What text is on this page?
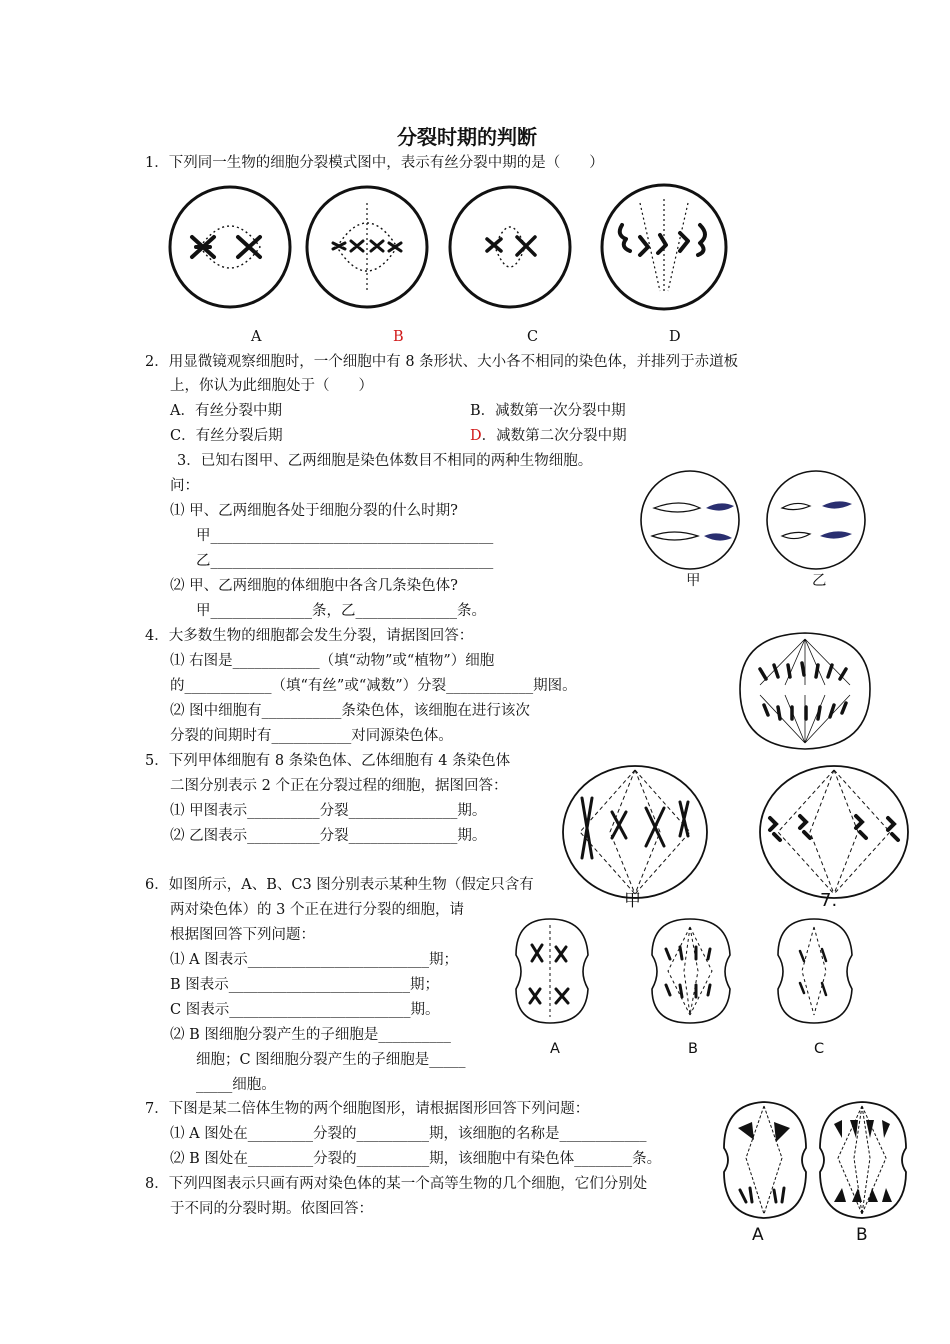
分裂时期的判断
1．下列同一生物的细胞分裂模式图中，表示有丝分裂中期的是（　　）
A	B	C	D
2．用显微镜观察细胞时，一个细胞中有 8 条形状、大小各不相同的染色体，并排列于赤道板
上，你认为此细胞处于（　　）
A．有丝分裂中期	B．减数第一次分裂中期
C．有丝分裂后期	D．减数第二次分裂中期
3．已知右图甲、乙两细胞是染色体数目不相同的两种生物细胞。
问：
⑴ 甲、乙两细胞各处于细胞分裂的什么时期?
甲_______________________________________
乙_______________________________________
⑵ 甲、乙两细胞的体细胞中各含几条染色体?
甲______________条，乙______________条。
4．大多数生物的细胞都会发生分裂，请据图回答：
⑴ 右图是____________（填“动物”或“植物”）细胞
的____________（填“有丝”或“减数”）分裂____________期图。
⑵ 图中细胞有___________条染色体，该细胞在进行该次
分裂的间期时有___________对同源染色体。
5．下列甲体细胞有 8 条染色体、乙体细胞有 4 条染色体
二图分别表示 2 个正在分裂过程的细胞，据图回答：
⑴ 甲图表示__________分裂_______________期。
⑵ 乙图表示__________分裂_______________期。
6．如图所示，A、B、C3 图分别表示某种生物（假定只含有
两对染色体）的 3 个正在进行分裂的细胞，请
根据图回答下列问题：
⑴ A 图表示_________________________期；
B 图表示_________________________期；
C 图表示_________________________期。
⑵ B 图细胞分裂产生的子细胞是__________
细胞；C 图细胞分裂产生的子细胞是_____
_____细胞。
7．下图是某二倍体生物的两个细胞图形，请根据图形回答下列问题：
⑴ A 图处在_________分裂的__________期，该细胞的名称是____________
⑵ B 图处在_________分裂的__________期，该细胞中有染色体________条。
8．下列四图表示只画有两对染色体的某一个高等生物的几个细胞，它们分别处
于不同的分裂时期。依图回答：
甲	乙
甲	7.
A	B	C
A	B
